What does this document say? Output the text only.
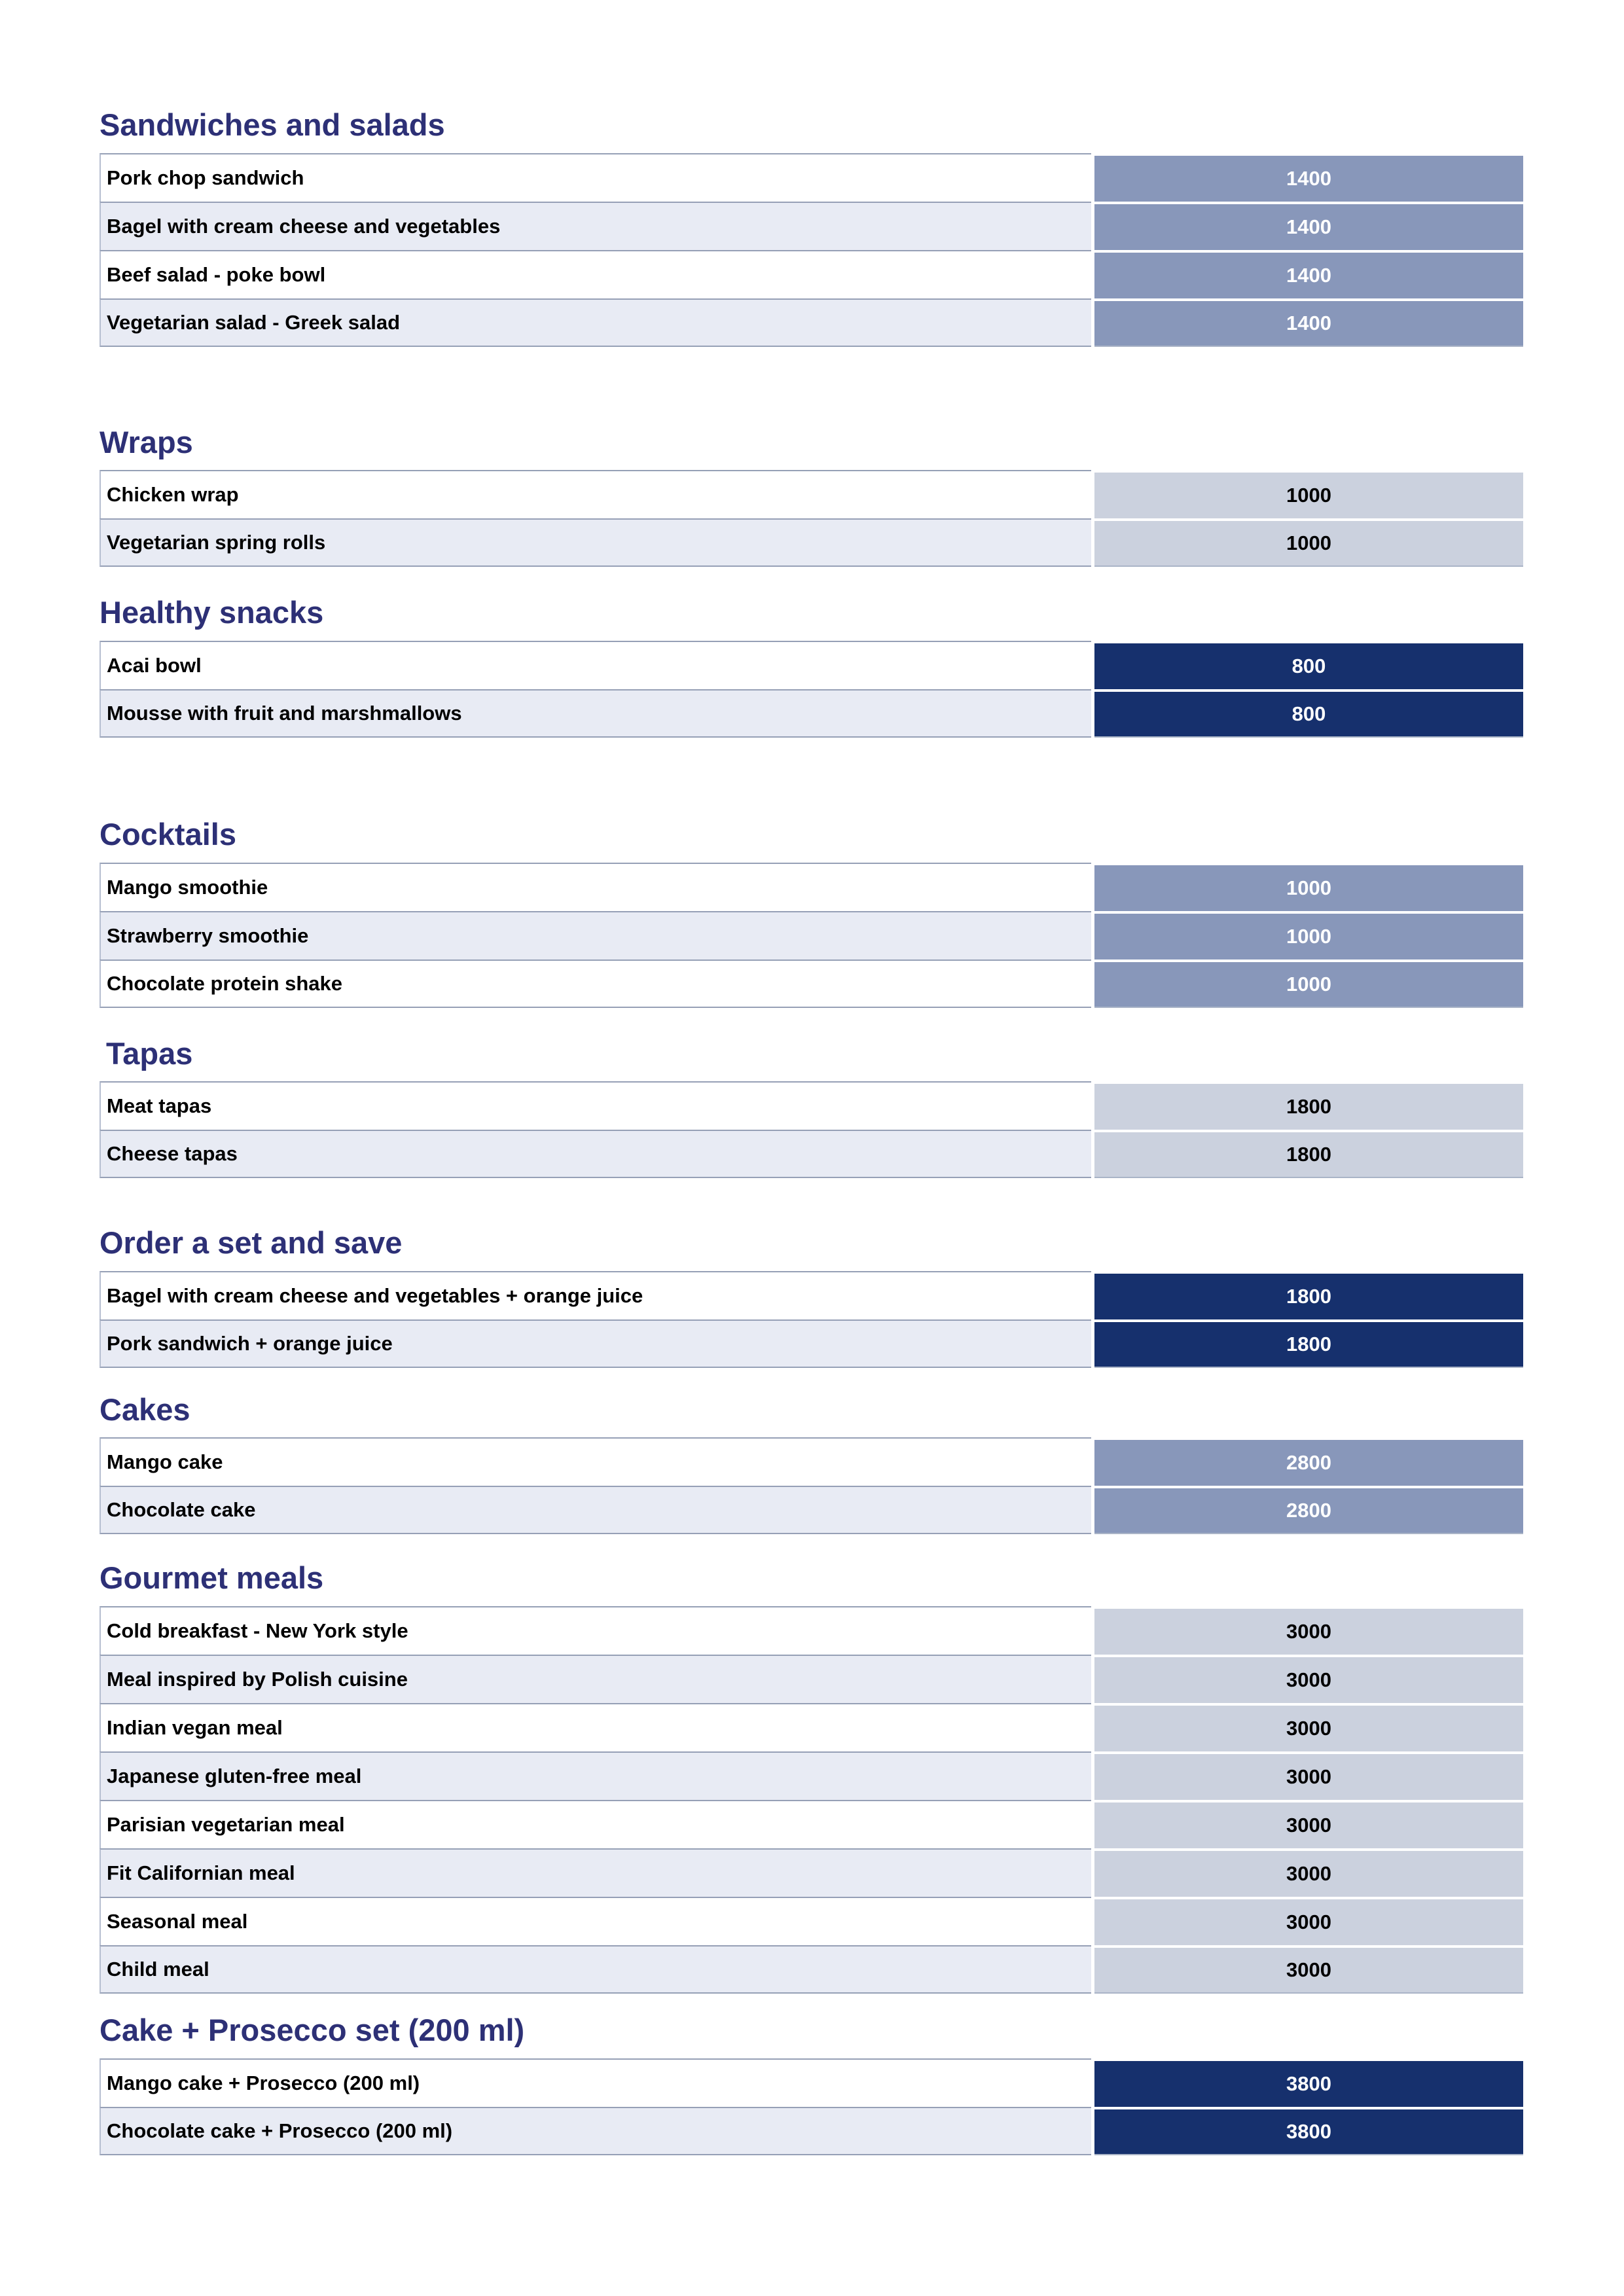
Sandwiches and salads
Pork chop sandwich	1400
Bagel with cream cheese and vegetables	1400
Beef salad - poke bowl	1400
Vegetarian salad - Greek salad	1400
Wraps
Chicken wrap	1000
Vegetarian spring rolls	1000
Healthy snacks
Acai bowl	800
Mousse with fruit and marshmallows	800
Cocktails
Mango smoothie	1000
Strawberry smoothie	1000
Chocolate protein shake	1000
Tapas
Meat tapas	1800
Cheese tapas	1800
Order a set and save
Bagel with cream cheese and vegetables + orange juice	1800
Pork sandwich + orange juice	1800
Cakes
Mango cake	2800
Chocolate cake	2800
Gourmet meals
Cold breakfast - New York style	3000
Meal inspired by Polish cuisine	3000
Indian vegan meal	3000
Japanese gluten-free meal	3000
Parisian vegetarian meal	3000
Fit Californian meal	3000
Seasonal meal	3000
Child meal	3000
Cake + Prosecco set (200 ml)
Mango cake + Prosecco (200 ml)	3800
Chocolate cake + Prosecco (200 ml)	3800
